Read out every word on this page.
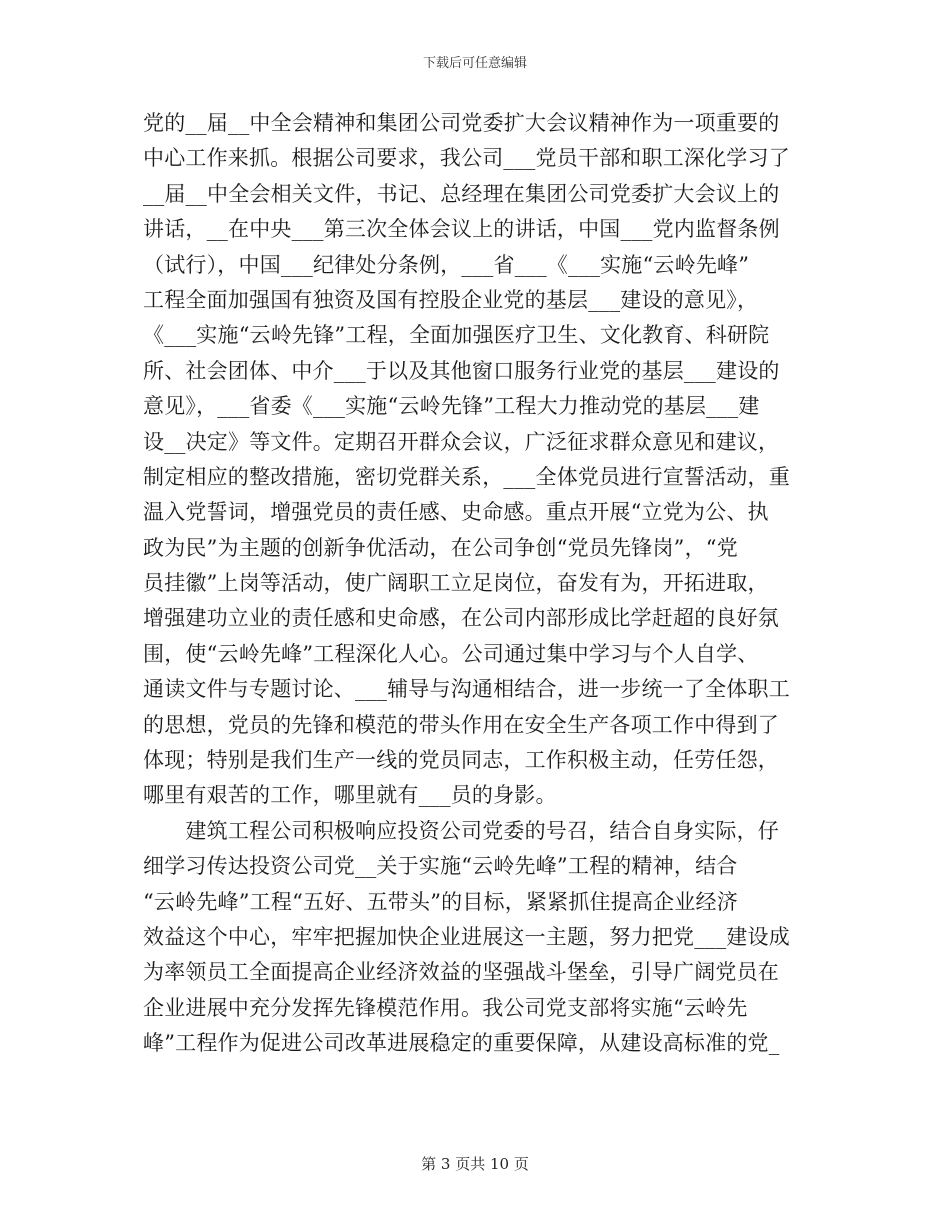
下载后可任意编辑
党的__届__中全会精神和集团公司党委扩大会议精神作为一项重要的
中心工作来抓。根据公司要求，我公司___党员干部和职工深化学习了
__届__中全会相关文件，书记、总经理在集团公司党委扩大会议上的
讲话，__在中央___第三次全体会议上的讲话，中国___党内监督条例
（试行），中国___纪律处分条例，___省___《___实施“云岭先峰”
工程全面加强国有独资及国有控股企业党的基层___建设的意见》，
《___实施“云岭先锋”工程，全面加强医疗卫生、文化教育、科研院
所、社会团体、中介___于以及其他窗口服务行业党的基层___建设的
意见》，___省委《___实施“云岭先锋”工程大力推动党的基层___建
设__决定》等文件。定期召开群众会议，广泛征求群众意见和建议，
制定相应的整改措施，密切党群关系，___全体党员进行宣誓活动，重
温入党誓词，增强党员的责任感、史命感。重点开展“立党为公、执
政为民”为主题的创新争优活动，在公司争创“党员先锋岗”，“党
员挂徽”上岗等活动，使广阔职工立足岗位，奋发有为，开拓进取，
增强建功立业的责任感和史命感，在公司内部形成比学赶超的良好氛
围，使“云岭先峰”工程深化人心。公司通过集中学习与个人自学、
通读文件与专题讨论、___辅导与沟通相结合，进一步统一了全体职工
的思想，党员的先锋和模范的带头作用在安全生产各项工作中得到了
体现；特别是我们生产一线的党员同志，工作积极主动，任劳任怨，
哪里有艰苦的工作，哪里就有___员的身影。
　　建筑工程公司积极响应投资公司党委的号召，结合自身实际，仔
细学习传达投资公司党__关于实施“云岭先峰”工程的精神，结合
“云岭先峰”工程“五好、五带头”的目标，紧紧抓住提高企业经济
效益这个中心，牢牢把握加快企业进展这一主题，努力把党___建设成
为率领员工全面提高企业经济效益的坚强战斗堡垒，引导广阔党员在
企业进展中充分发挥先锋模范作用。我公司党支部将实施“云岭先
峰”工程作为促进公司改革进展稳定的重要保障，从建设高标准的党_
第 3 页共 10 页
